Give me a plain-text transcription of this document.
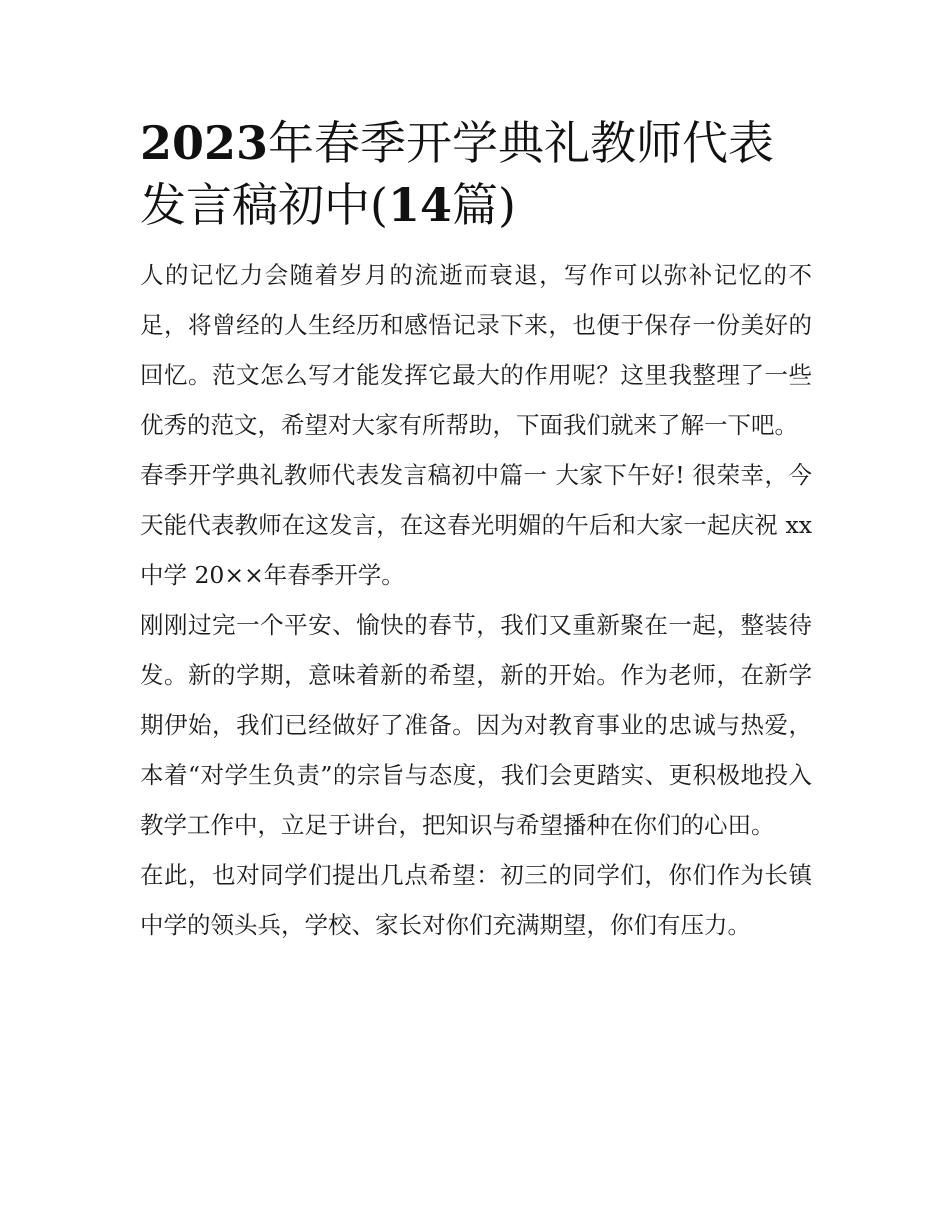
2023年春季开学典礼教师代表发言稿初中(14篇)

人的记忆力会随着岁月的流逝而衰退，写作可以弥补记忆的不足，将曾经的人生经历和感悟记录下来，也便于保存一份美好的回忆。范文怎么写才能发挥它最大的作用呢？这里我整理了一些优秀的范文，希望对大家有所帮助，下面我们就来了解一下吧。

春季开学典礼教师代表发言稿初中篇一 大家下午好! 很荣幸，今天能代表教师在这发言，在这春光明媚的午后和大家一起庆祝 xx 中学 20××年春季开学。

刚刚过完一个平安、愉快的春节，我们又重新聚在一起，整装待发。新的学期，意味着新的希望，新的开始。作为老师，在新学期伊始，我们已经做好了准备。因为对教育事业的忠诚与热爱，本着“对学生负责”的宗旨与态度，我们会更踏实、更积极地投入教学工作中，立足于讲台，把知识与希望播种在你们的心田。

在此，也对同学们提出几点希望：初三的同学们，你们作为长镇中学的领头兵，学校、家长对你们充满期望，你们有压力。
